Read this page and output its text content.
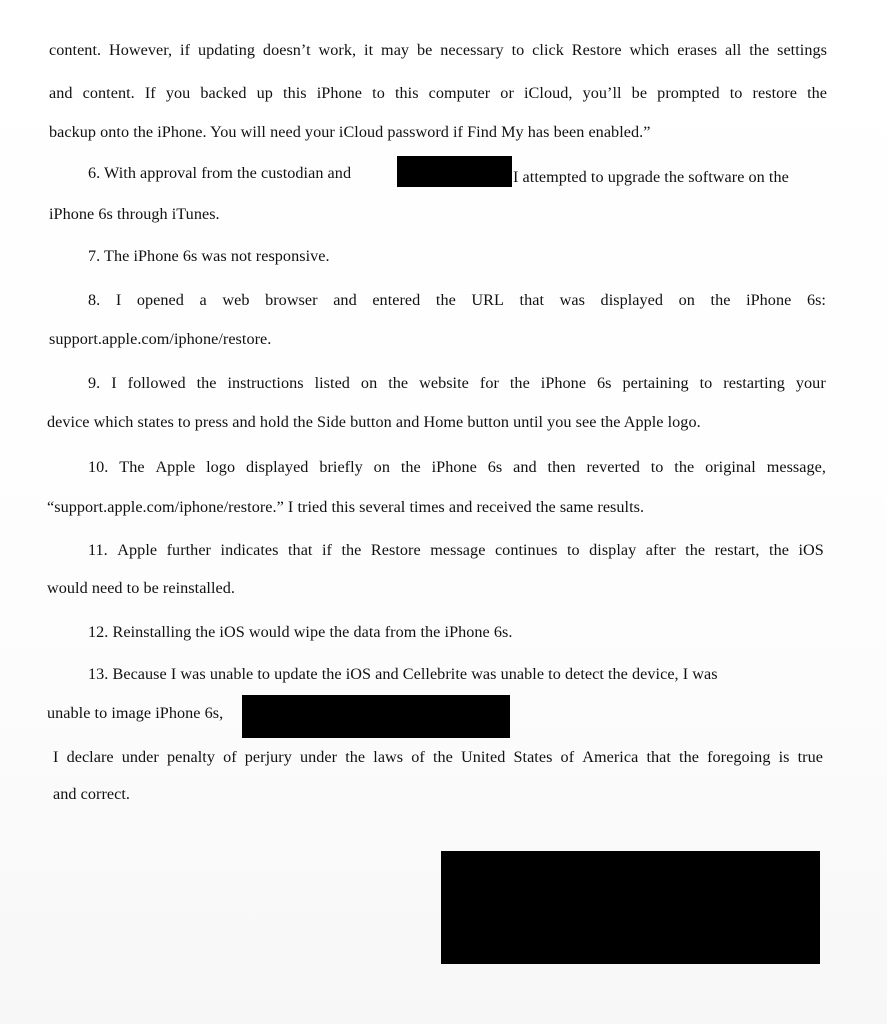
content. However, if updating doesn’t work, it may be necessary to click Restore which erases all the settings
and content. If you backed up this iPhone to this computer or iCloud, you’ll be prompted to restore the
backup onto the iPhone. You will need your iCloud password if Find My has been enabled.”
6. With approval from the custodian and	I attempted to upgrade the software on the
iPhone 6s through iTunes.
7. The iPhone 6s was not responsive.
8. I opened a web browser and entered the URL that was displayed on the iPhone 6s:
support.apple.com/iphone/restore.
9. I followed the instructions listed on the website for the iPhone 6s pertaining to restarting your
device which states to press and hold the Side button and Home button until you see the Apple logo.
10. The Apple logo displayed briefly on the iPhone 6s and then reverted to the original message,
“support.apple.com/iphone/restore.” I tried this several times and received the same results.
11. Apple further indicates that if the Restore message continues to display after the restart, the iOS
would need to be reinstalled.
12. Reinstalling the iOS would wipe the data from the iPhone 6s.
13. Because I was unable to update the iOS and Cellebrite was unable to detect the device, I was
unable to image iPhone 6s,
I declare under penalty of perjury under the laws of the United States of America that the foregoing is true
and correct.
